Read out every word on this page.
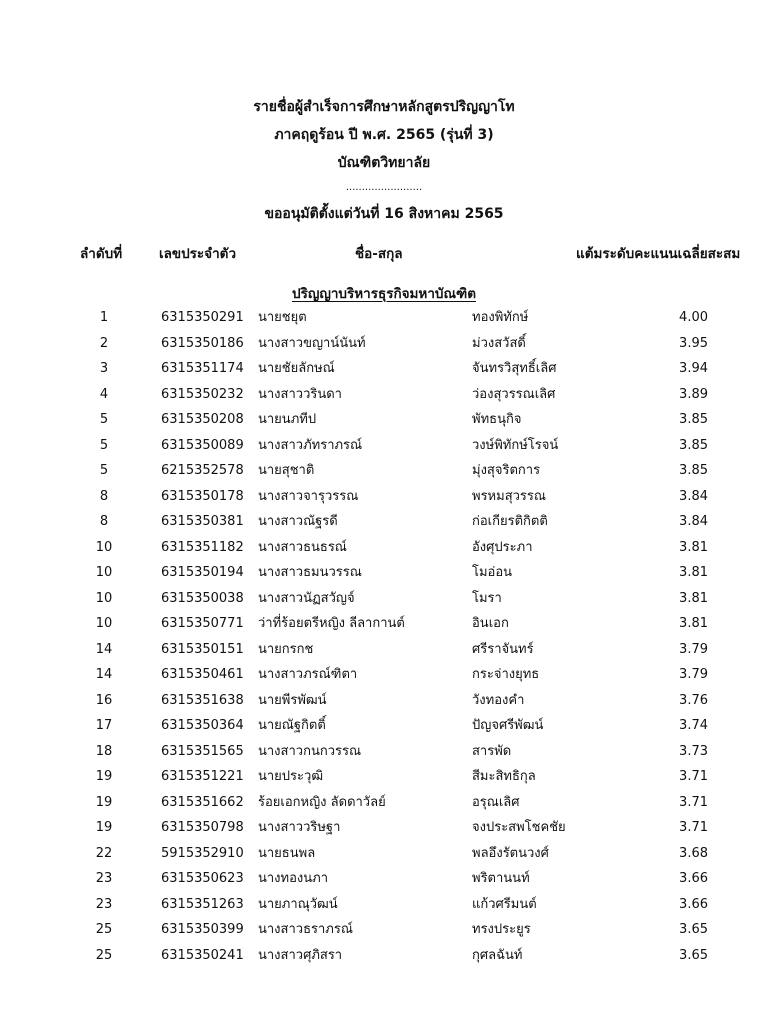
รายชื่อผู้สำเร็จการศึกษาหลักสูตรปริญญาโท
ภาคฤดูร้อน ปี พ.ศ. 2565 (รุ่นที่ 3)
บัณฑิตวิทยาลัย
........................
ขออนุมัติตั้งแต่วันที่ 16 สิงหาคม 2565
ลำดับที่	เลขประจำตัว	ชื่อ-สกุล	แต้มระดับคะแนนเฉลี่ยสะสม
ปริญญาบริหารธุรกิจมหาบัณฑิต
1	6315350291 นายชยุต	ทองพิทักษ์	4.00
2	6315350186 นางสาวขญาน์นันท์	ม่วงสวัสดิ์	3.95
3	6315351174 นายชัยลักษณ์	จันทรวิสุทธิ์เลิศ	3.94
4	6315350232 นางสาววรินดา	ว่องสุวรรณเลิศ	3.89
5	6315350208 นายนภทีป	พัทธนุกิจ	3.85
5	6315350089 นางสาวภัทราภรณ์	วงษ์พิทักษ์โรจน์	3.85
5	6215352578 นายสุชาติ	มุ่งสุจริตการ	3.85
8	6315350178 นางสาวจารุวรรณ	พรหมสุวรรณ	3.84
8	6315350381 นางสาวณัฐรดี	ก่อเกียรติกิตติ	3.84
10	6315351182 นางสาวธนธรณ์	อังศุประภา	3.81
10	6315350194 นางสาวธมนวรรณ	โมอ่อน	3.81
10	6315350038 นางสาวนัฏสวัญจ์	โมรา	3.81
10	6315350771 ว่าที่ร้อยตรีหญิง ลีลากานต์	อินเอก	3.81
14	6315350151 นายกรกช	ศรีราจันทร์	3.79
14	6315350461 นางสาวภรณ์ฑิตา	กระจ่างยุทธ	3.79
16	6315351638 นายพีรพัฒน์	วังทองคำ	3.76
17	6315350364 นายณัฐกิตติ์	ปัญจศรีพัฒน์	3.74
18	6315351565 นางสาวกนกวรรณ	สารพัด	3.73
19	6315351221 นายประวุฒิ	สีมะสิทธิกุล	3.71
19	6315351662 ร้อยเอกหญิง ลัดดาวัลย์	อรุณเลิศ	3.71
19	6315350798 นางสาววริษฐา	จงประสพโชคชัย	3.71
22	5915352910 นายธนพล	พลอึงรัตนวงศ์	3.68
23	6315350623 นางทองนภา	พริตานนท์	3.66
23	6315351263 นายภาณุวัฒน์	แก้วศรีมนต์	3.66
25	6315350399 นางสาวธราภรณ์	ทรงประยูร	3.65
25	6315350241 นางสาวศุภิสรา	กุศลฉันท์	3.65
